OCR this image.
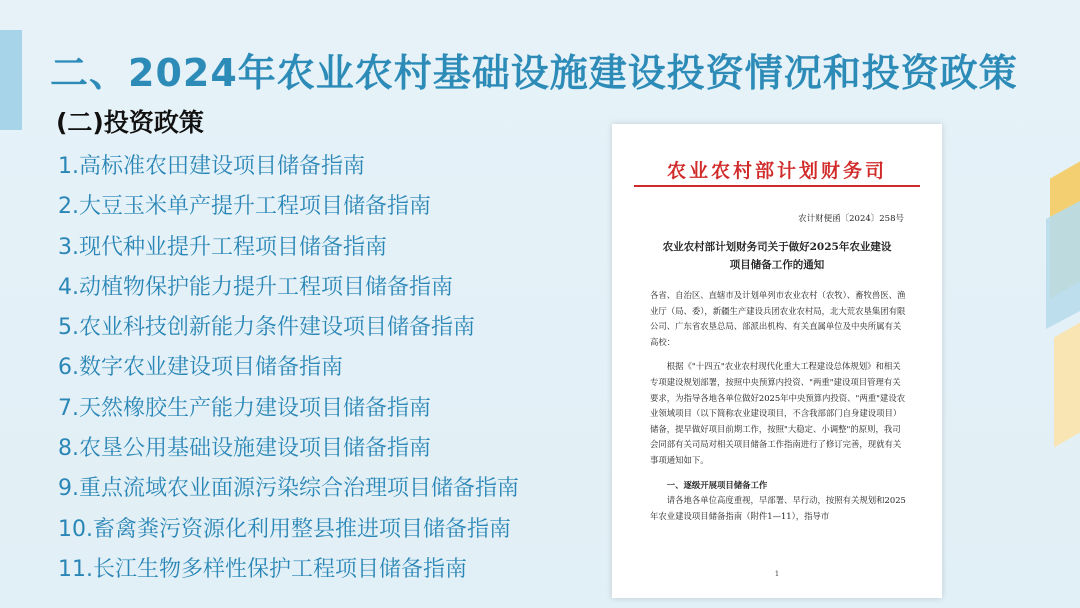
二、2024年农业农村基础设施建设投资情况和投资政策
(二)投资政策
1.高标准农田建设项目储备指南
2.大豆玉米单产提升工程项目储备指南
3.现代种业提升工程项目储备指南
4.动植物保护能力提升工程项目储备指南
5.农业科技创新能力条件建设项目储备指南
6.数字农业建设项目储备指南
7.天然橡胶生产能力建设项目储备指南
8.农垦公用基础设施建设项目储备指南
9.重点流域农业面源污染综合治理项目储备指南
10.畜禽粪污资源化利用整县推进项目储备指南
11.长江生物多样性保护工程项目储备指南
农业农村部计划财务司
农计财便函〔2024〕258号
农业农村部计划财务司关于做好2025年农业建设
项目储备工作的通知

各省、自治区、直辖市及计划单列市农业农村（农牧）、畜牧兽医、渔业厅（局、委），新疆生产建设兵团农业农村局，北大荒农垦集团有限公司、广东省农垦总局、部派出机构、有关直属单位及中央所属有关高校：

根据《"十四五"农业农村现代化重大工程建设总体规划》和相关专项建设规划部署，按照中央预算内投资、"两重"建设项目管理有关要求，为指导各地各单位做好2025年中央预算内投资、"两重"建设农业领域项目（以下简称农业建设项目，不含我部部门自身建设项目）储备，提早做好项目前期工作，按照"大稳定、小调整"的原则，我司会同部有关司局对相关项目储备工作指南进行了修订完善，现就有关事项通知如下。

一、逐级开展项目储备工作

请各地各单位高度重视，早部署、早行动，按照有关规划和2025年农业建设项目储备指南（附件1—11），指导市

1
